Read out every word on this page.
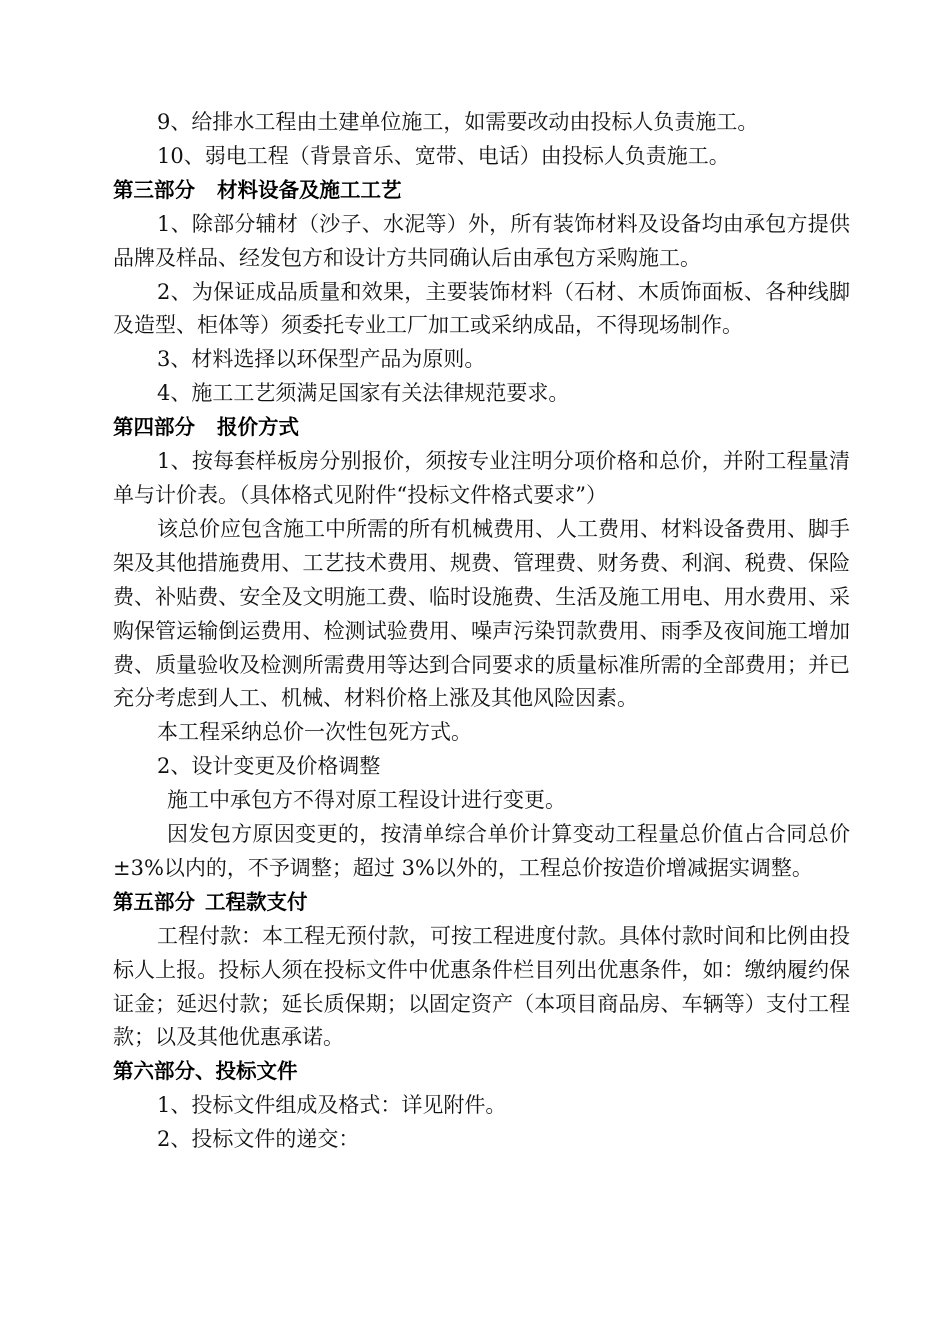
9、给排水工程由土建单位施工，如需要改动由投标人负责施工。

10、弱电工程（背景音乐、宽带、电话）由投标人负责施工。

第三部分 材料设备及施工工艺

1、除部分辅材（沙子、水泥等）外，所有装饰材料及设备均由承包方提供品牌及样品、经发包方和设计方共同确认后由承包方采购施工。

2、为保证成品质量和效果，主要装饰材料（石材、木质饰面板、各种线脚及造型、柜体等）须委托专业工厂加工或采纳成品，不得现场制作。

3、材料选择以环保型产品为原则。

4、施工工艺须满足国家有关法律规范要求。

第四部分 报价方式

1、按每套样板房分别报价，须按专业注明分项价格和总价，并附工程量清单与计价表。（具体格式见附件“投标文件格式要求”）

该总价应包含施工中所需的所有机械费用、人工费用、材料设备费用、脚手架及其他措施费用、工艺技术费用、规费、管理费、财务费、利润、税费、保险费、补贴费、安全及文明施工费、临时设施费、生活及施工用电、用水费用、采购保管运输倒运费用、检测试验费用、噪声污染罚款费用、雨季及夜间施工增加费、质量验收及检测所需费用等达到合同要求的质量标准所需的全部费用；并已充分考虑到人工、机械、材料价格上涨及其他风险因素。

本工程采纳总价一次性包死方式。

2、设计变更及价格调整

施工中承包方不得对原工程设计进行变更。

因发包方原因变更的，按清单综合单价计算变动工程量总价值占合同总价±3%以内的，不予调整；超过 3%以外的，工程总价按造价增减据实调整。

第五部分 工程款支付

工程付款：本工程无预付款，可按工程进度付款。具体付款时间和比例由投标人上报。投标人须在投标文件中优惠条件栏目列出优惠条件，如：缴纳履约保证金；延迟付款；延长质保期；以固定资产（本项目商品房、车辆等）支付工程款；以及其他优惠承诺。

第六部分、投标文件

1、投标文件组成及格式：详见附件。

2、投标文件的递交：
